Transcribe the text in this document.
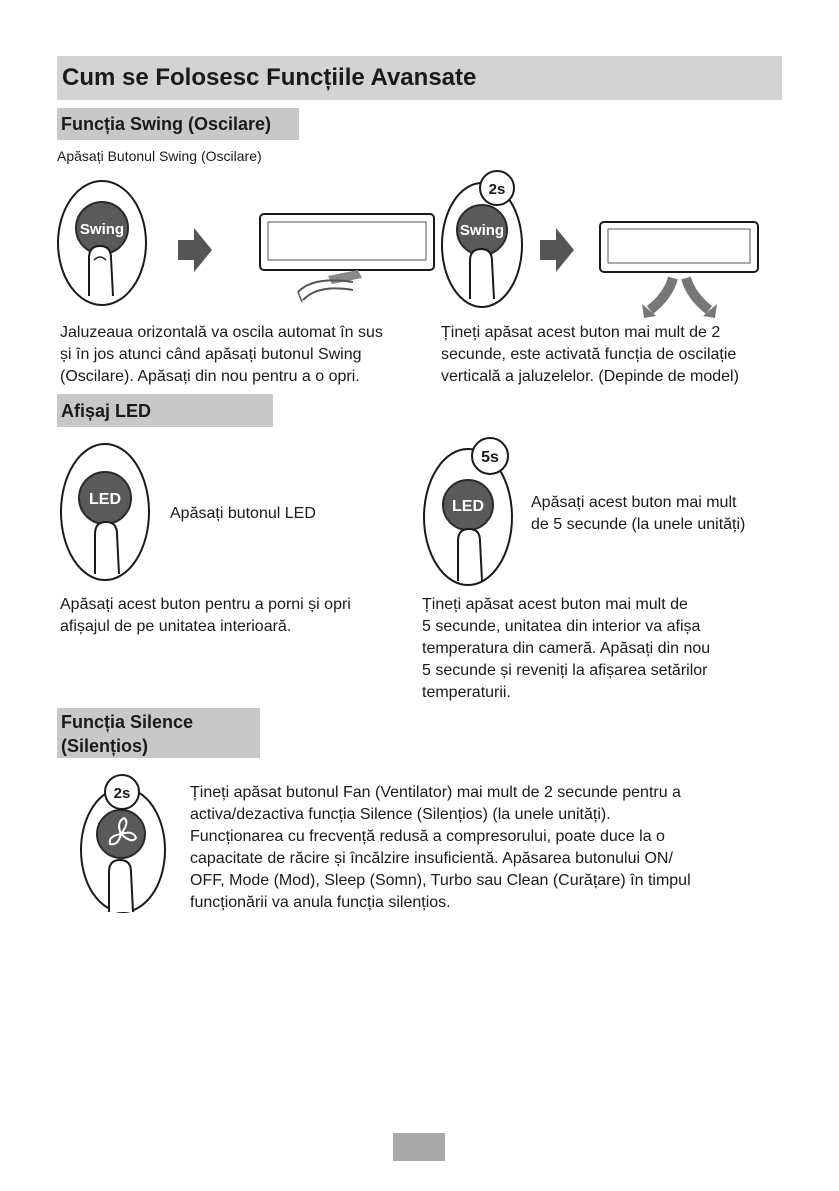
Cum se Folosesc Funcțiile Avansate
Funcția Swing (Oscilare)
Apăsați Butonul Swing (Oscilare)
Swing	Swing
2s
Jaluzeaua orizontală va oscila automat în sus
și în jos atunci când apăsați butonul Swing
(Oscilare). Apăsați din nou pentru a o opri.
Țineți apăsat acest buton mai mult de 2
secunde, este activată funcția de oscilație
verticală a jaluzelelor. (Depinde de model)
Afișaj LED
LED
Apăsați butonul LED	LED
5s
Apăsați acest buton mai mult
de 5 secunde (la unele unități)
Apăsați acest buton pentru a porni și opri
afișajul de pe unitatea interioară.
Țineți apăsat acest buton mai mult de
5 secunde, unitatea din interior va afișa
temperatura din cameră. Apăsați din nou
5 secunde și reveniți la afișarea setărilor
temperaturii.
Funcția Silence
(Silențios)
2s	Țineți apăsat butonul Fan (Ventilator) mai mult de 2 secunde pentru a
activa/dezactiva funcția Silence (Silențios) (la unele unități).
Funcționarea cu frecvență redusă a compresorului, poate duce la o
capacitate de răcire și încălzire insuficientă. Apăsarea butonului ON/
OFF, Mode (Mod), Sleep (Somn), Turbo sau Clean (Curățare) în timpul
funcționării va anula funcția silențios.
